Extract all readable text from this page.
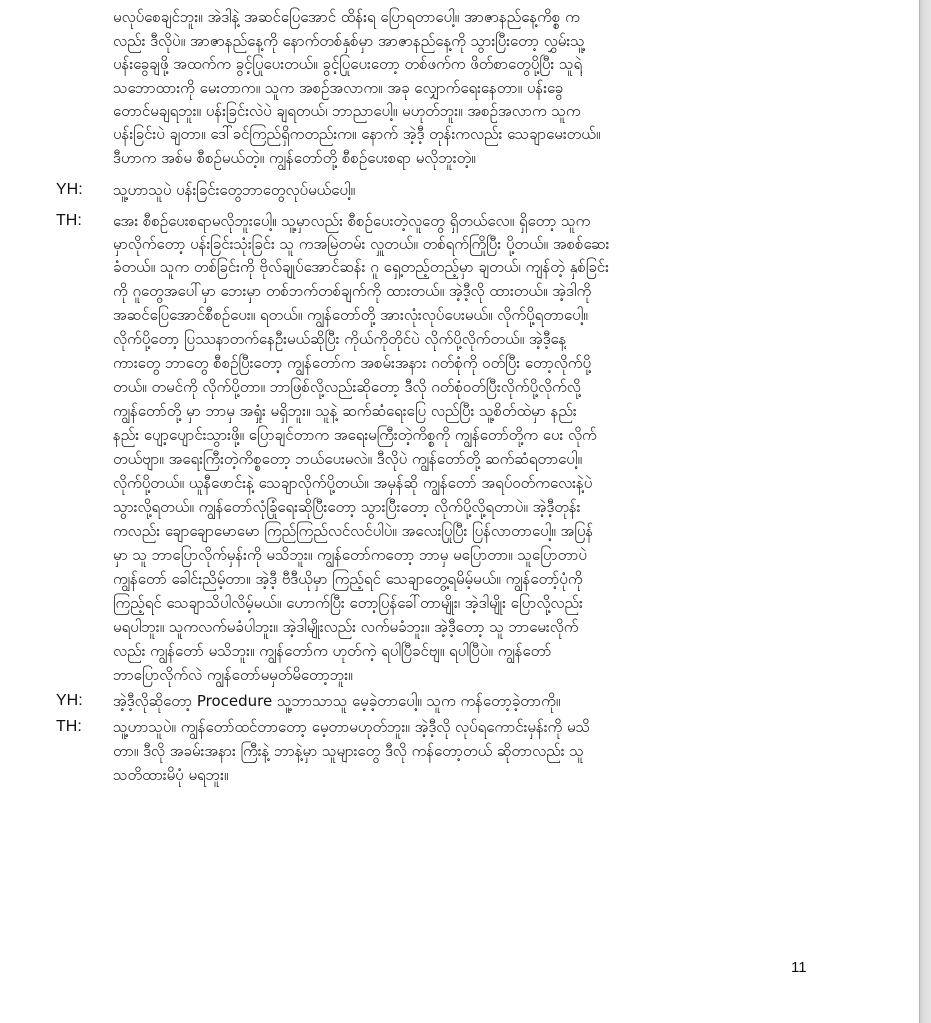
မလုပ်စေချင်ဘူး။ အဲဒါနဲ့ အဆင်ပြေအောင် ထိန်းရ ပြောရတာပေါ့။ အာဇာနည်နေ့ကိစ္စ က
လည်း ဒီလိုပဲ။ အာဇာနည်နေ့ကို နောက်တစ်နှစ်မှာ အာဇာနည်နေ့ကို သွားပြီးတော့ လွှမ်းသူ့
ပန်းခွေချဖို့ အထက်က ခွင့်ပြုပေးတယ်။ ခွင့်ပြုပေးတော့ တစ်ဖက်က ဖိတ်စာတွေပို့ပြီး သူရဲ့
သဘောထားကို မေးတာက။ သူက အစဉ်အလာက။ အခု လျှောက်ရေးနေတာ။ ပန်းခွေ
တောင်မချရဘူး။ ပန်းခြင်းလဲပဲ ချရတယ်၊ ဘာညာပေါ့။ မဟုတ်ဘူး။ အစဉ်အလာက သူက
ပန်းခြင်းပဲ ချတာ။ ဒေါ်ခင်ကြည်ရှိကတည်းက။ နောက် အဲ့ဒီ့ တုန်းကလည်း သေချာမေးတယ်။
ဒီဟာက အစ်မ စီစဉ်မယ်တဲ့။ ကျွန်တော်တို့ စီစဉ်ပေးစရာ မလိုဘူးတဲ့။
သူ့ဟာသူပဲ ပန်းခြင်းတွေဘာတွေလုပ်မယ်ပေါ့။
အေး စီစဉ်ပေးစရာမလိုဘူးပေါ့။ သူ့မှာလည်း စီစဉ်ပေးတဲ့လူတွေ ရှိတယ်လေ။ ရှိတော့ သူက
မှာလိုက်တော့ ပန်းခြင်းသုံးခြင်း သူ ကအမြဲတမ်း လှူတယ်။ တစ်ရက်ကြိုပြီး ပို့တယ်။ အစစ်ဆေး
ခံတယ်။ သူက တစ်ခြင်းကို ဗိုလ်ချုပ်အောင်ဆန်း ဂူ ရှေ့တည့်တည့်မှာ ချတယ်၊ ကျန်တဲ့ နှစ်ခြင်း
ကို ဂူတွေအပေါ်မှာ ဘေးမှာ တစ်ဘက်တစ်ချက်ကို ထားတယ်။ အဲ့ဒီ့လို ထားတယ်။ အဲ့ဒါကို
အဆင်ပြေအောင်စီစဉ်ပေး။ ရတယ်။ ကျွန်တော်တို့ အားလုံးလုပ်ပေးမယ်။ လိုက်ပို့ရတာပေါ့။
လိုက်ပို့တော့ ပြဿနာတက်နေဦးမယ်ဆိုပြီး ကိုယ်ကိုတိုင်ပဲ လိုက်ပို့လိုက်တယ်။ အဲ့ဒီ့နေ့
ကားတွေ ဘာတွေ စီစဉ်ပြီးတော့ ကျွန်တော်က အစမ်းအနား ဂတ်စုံကို ဝတ်ပြီး တော့လိုက်ပို့
တယ်။ တမင်ကို လိုက်ပို့တာ။ ဘာဖြစ်လို့လည်းဆိုတော့ ဒီလို ဂတ်စုံဝတ်ပြီးလိုက်ပို့လိုက်လို့
ကျွန်တော်တို့ မှာ ဘာမှ အရှုံး မရှိဘူး။ သူနဲ့ ဆက်ဆံရေးပြေ လည်ပြီး သူ့စိတ်ထဲမှာ နည်း
နည်း ပျော့ပျောင်းသွားဖို့။ ပြောချင်တာက အရေးမကြီးတဲ့ကိစ္စကို ကျွန်တော်တို့က ပေး လိုက်
တယ်ဗျာ။ အရေးကြီးတဲ့ကိစ္စတော့ ဘယ်ပေးမလဲ။ ဒီလိုပဲ ကျွန်တော်တို့ ဆက်ဆံရတာပေါ့။
လိုက်ပို့တယ်။ ယူနီဖောင်းနဲ့ သေချာလိုက်ပို့တယ်။ အမှန်ဆို ကျွန်တော် အရပ်ဝတ်ကလေးနဲ့ပဲ
သွားလို့ရတယ်။ ကျွန်တော်လုံခြုံရေးဆိုပြီးတော့ သွားပြီးတော့ လိုက်ပို့လို့ရတာပဲ။ အဲ့ဒီ့တုန်း
ကလည်း ချောချောမောမော ကြည်ကြည်လင်လင်ပါပဲ။ အလေးပြုပြီး ပြန်လာတာပေါ့။ အပြန်
မှာ သူ ဘာပြောလိုက်မှန်းကို မသိဘူး။ ကျွန်တော်ကတော့ ဘာမှ မပြောတာ။ သူပြောတာပဲ
ကျွန်တော် ခေါင်းညိမ့်တာ။ အဲ့ဒီ့ ဗီဒီယိုမှာ ကြည့်ရင် သေချာတွေ့ရမိမ့်မယ်။ ကျွန်တော့်ပုံကို
ကြည့်ရင် သေချာသိပါလိမ့်မယ်။ ဟောက်ပြီး တော့ပြန်ခေါ်တာမျိုး၊ အဲ့ဒါမျိုး ပြောလို့လည်း
မရပါဘူး။ သူကလက်မခံပါဘူး။ အဲ့ဒါမျိုးလည်း လက်မခံဘူး။ အဲ့ဒီ့တော့ သူ ဘာမေးလိုက်
လည်း ကျွန်တော် မသိဘူး။ ကျွန်တော်က ဟုတ်ကဲ့ ရပါပြီခင်ဗျ။ ရပါပြီပဲ။ ကျွန်တော်
ဘာပြောလိုက်လဲ ကျွန်တော်မမှတ်မိတော့ဘူး။
အဲ့ဒီ့လိုဆိုတော့ Procedure သူ့ဘာသာသူ မေ့ခဲ့တာပေါ့။ သူက ကန်တော့ခဲ့တာကို။
သူ့ဟာသူပဲ။ ကျွန်တော်ထင်တာတော့ မေ့တာမဟုတ်ဘူး။ အဲ့ဒီ့လို လုပ်ရကောင်းမှန်းကို မသိ
တာ။ ဒီလို အခမ်းအနား ကြီးနဲ့ ဘာနဲ့မှာ သူများတွေ ဒီလို ကန်တော့တယ် ဆိုတာလည်း သူ
သတိထားမိပုံ မရဘူး။
YH:
TH:
YH:
TH:
11
